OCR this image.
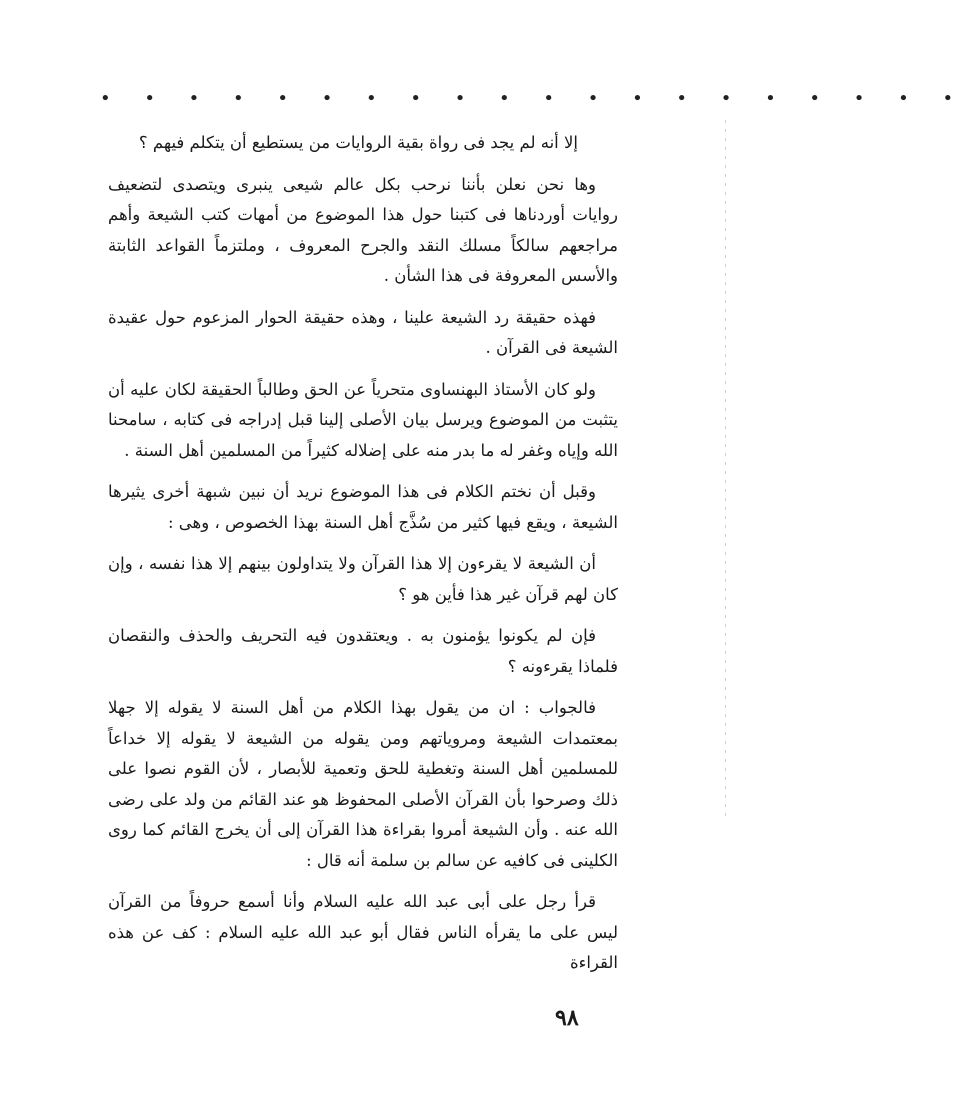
• • • • • • • • • • • • • • • • • • • •

إلا أنه لم يجد فى رواة بقية الروايات من يستطيع أن يتكلم فيهم ؟

وها نحن نعلن بأننا نرحب بكل عالم شيعى ينبرى ويتصدى لتضعيف روايات أوردناها فى كتبنا حول هذا الموضوع من أمهات كتب الشيعة وأهم مراجعهم سالكاً مسلك النقد والجرح المعروف ، وملتزماً القواعد الثابتة والأسس المعروفة فى هذا الشأن .

فهذه حقيقة رد الشيعة علينا ، وهذه حقيقة الحوار المزعوم حول عقيدة الشيعة فى القرآن .

ولو كان الأستاذ البهنساوى متحرياً عن الحق وطالباً الحقيقة لكان عليه أن يتثبت من الموضوع ويرسل بيان الأصلى إلينا قبل إدراجه فى كتابه ، سامحنا الله وإياه وغفر له ما بدر منه على إضلاله كثيراً من المسلمين أهل السنة .

وقبل أن نختم الكلام فى هذا الموضوع نريد أن نبين شبهة أخرى يثيرها الشيعة ، ويقع فيها كثير من سُذَّج أهل السنة بهذا الخصوص ، وهى :

أن الشيعة لا يقرءون إلا هذا القرآن ولا يتداولون بينهم إلا هذا نفسه ، وإن كان لهم قرآن غير هذا فأين هو ؟

فإن لم يكونوا يؤمنون به . ويعتقدون فيه التحريف والحذف والنقصان فلماذا يقرءونه ؟

فالجواب : ان من يقول بهذا الكلام من أهل السنة لا يقوله إلا جهلا بمعتمدات الشيعة ومروياتهم ومن يقوله من الشيعة لا يقوله إلا خداعاً للمسلمين أهل السنة وتغطية للحق وتعمية للأبصار ، لأن القوم نصوا على ذلك وصرحوا بأن القرآن الأصلى المحفوظ هو عند القائم من ولد على رضى الله عنه . وأن الشيعة أمروا بقراءة هذا القرآن إلى أن يخرج القائم كما روى الكلينى فى كافيه عن سالم بن سلمة أنه قال :

قرأ رجل على أبى عبد الله عليه السلام وأنا أسمع حروفاً من القرآن ليس على ما يقرأه الناس فقال أبو عبد الله عليه السلام : كف عن هذه القراءة

٩٨
